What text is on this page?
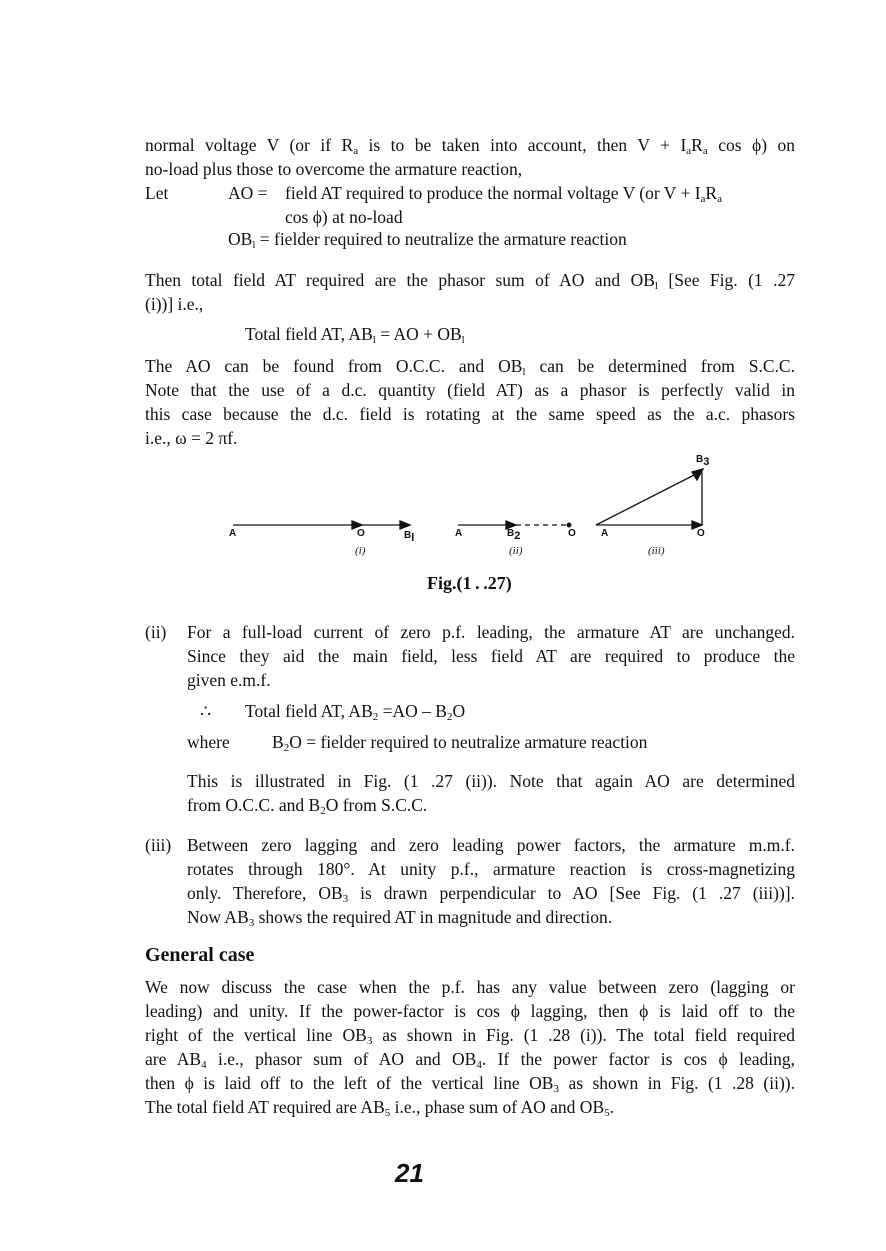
normal voltage V (or if $R_a$ is to be taken into account, then $V + I_aR_a$ cos ϕ) on
no-load plus those to overcome the armature reaction,
Let	AO = field AT required to produce the normal voltage V (or $V + I_aR_a$
cos ϕ) at no-load
$OB_l$ = fielder required to neutralize the armature reaction
Then total field AT required are the phasor sum of AO and $OB_l$ [See Fig. (1 .27
(i))] i.e.,
Total field AT, $AB_l$ = AO + $OB_l$
The AO can be found from O.C.C. and $OB_l$ can be determined from S.C.C.
Note that the use of a d.c. quantity (field AT) as a phasor is perfectly valid in
this case because the d.c. field is rotating at the same speed as the a.c. phasors
i.e., ω = 2 πf.
A	O	$B_l$	A	$B_2$	O	A	O
$B_3$
(i)	(ii)	(iii)
Fig.(1 . .27)
(ii) For a full-load current of zero p.f. leading, the armature AT are unchanged.
Since they aid the main field, less field AT are required to produce the
given e.m.f.
∴ Total field AT, $AB_2 =AO - B_2O$
where $B_2O$ = fielder required to neutralize armature reaction
This is illustrated in Fig. (1 .27 (ii)). Note that again AO are determined
from O.C.C. and $B_2O$ from S.C.C.
(iii) Between zero lagging and zero leading power factors, the armature m.m.f.
rotates through 180°. At unity p.f., armature reaction is cross-magnetizing
only. Therefore, $OB_3$ is drawn perpendicular to AO [See Fig. (1 .27 (iii))].
Now $AB_3$ shows the required AT in magnitude and direction.
General case
We now discuss the case when the p.f. has any value between zero (lagging or
leading) and unity. If the power-factor is cos ϕ lagging, then ϕ is laid off to the
right of the vertical line $OB_3$ as shown in Fig. (1 .28 (i)). The total field required
are $AB_4$ i.e., phasor sum of AO and $OB_4$. If the power factor is cos ϕ leading,
then ϕ is laid off to the left of the vertical line $OB_3$ as shown in Fig. (1 .28 (ii)).
The total field AT required are $AB_5$ i.e., phase sum of AO and $OB_5$.
21
